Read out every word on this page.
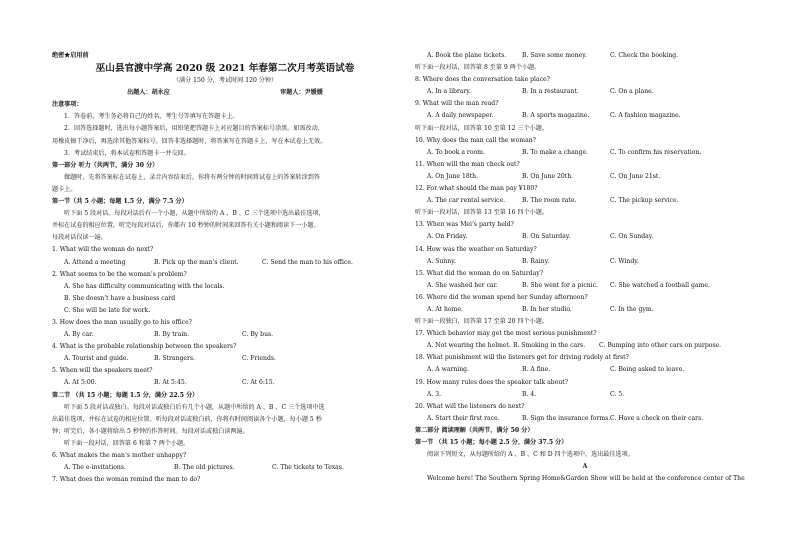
绝密★启用前
巫山县官渡中学高 2020 级 2021 年春第二次月考英语试卷
（满分 150 分，考试时间 120 分钟）
出题人：胡永应	审题人：尹媛媛
注意事项：
1．答卷前，考生务必将自己的姓名、考生号等填写在答题卡上。
2．回答选择题时，选出每小题答案后，用铅笔把答题卡上对应题目的答案标号涂黑。如需改动，
用橡皮擦干净后，再选涂其他答案标号。回答非选择题时，将答案写在答题卡上，写在本试卷上无效。
3．考试结束后，将本试卷和答题卡一并交回。
第一部分 听力（共两节，满分 30 分）
做题时，先将答案标在试卷上，录音内容结束后，你将有两分钟的时间将试卷上的答案转涂到答
题卡上。
第一节（共 5 小题；每题 1.5 分，满分 7.5 分）
听下面 5 段对话。每段对话后有一个小题，从题中所给的 A 、B 、C 三个选项中选出最佳选项，
并标在试卷的相应位置。听完每段对话后，你都有 10 秒钟的时间来回答有关小题和阅读下一小题。
每段对话仅读一遍。
1. What will the woman do next?
A. Attend a meeting	B. Pick up the man’s client.	C. Send the man to his office.
2. What seems to be the woman’s problem?
A. She has difficulty communicating with the locals.
B. She doesn’t have a business card
C. She will be late for work.
3. How does the man usually go to his office?
A. By car.	B. By train.	C. By bus.
4. What is the probable relationship between the speakers?
A. Tourist and guide.	B. Strangers.	C. Friends.
5. When will the speakers meet?
A. At 5:00.	B. At 5:45.	C. At 6:15.
第二节 （共 15 小题；每题 1.5 分，满分 22.5 分）
听下面 5 段对话或独白。每段对话或独白后有几个小题，从题中所给的 A 、B 、C 三个选项中选
出最佳选项，并标在试卷的相应位置。听每段对话或独白前，你将有时间阅读各个小题，每小题 5 秒
钟；听完后，各小题将给出 5 秒钟的作答时间。每段对话或独白读两遍。
听下面一段对话，回答第 6 和第 7 两个小题。
6. What makes the man’s mother unhappy?
A. The e-invitations.	B. The old pictures.	C. The tickets to Texas.
7. What does the woman remind the man to do?
A. Book the plane tickets.	B. Save some money.	C. Check the booking.
听下面一段对话，回答第 8 至第 9 两个小题。
8. Where does the conversation take place?
A. In a library.	B. In a restaurant.	C. On a plane.
9. What will the man read?
A. A daily newspaper.	B. A sports magazine.	C. A fashion magazine.
听下面一段对话，回答第 10 至第 12 三个小题。
10. Why does the man call the woman?
A. To book a room.	B. To make a change.	C. To confirm his reservation.
11. When will the man check out?
A. On June 18th.	B. On June 20th.	C. On June 21st.
12. For what should the man pay ¥180?
A. The car rental service.	B. The room rate.	C. The pickup service.
听下面一段对话，回答第 13 至第 16 四个小题。
13. When was Mei’s party held?
A. On Friday.	B. On Saturday.	C. On Sunday.
14. How was the weather on Saturday?
A. Sunny.	B. Rainy.	C. Windy.
15. What did the woman do on Saturday?
A. She washed her car.	B. She went for a picnic.	C. She watched a football game.
16. Where did the woman spend her Sunday afternoon?
A. At home.	B. In her studio.	C. In the gym.
听下面一段独白，回答第 17 至第 20 四个小题。
17. Which behavior may get the most serious punishment?
A. Not wearing the helmet. B. Smoking in the cars.	C. Bumping into other cars on purpose.
18. What punishment will the listeners get for driving rudely at first?
A. A warning.	B. A fine.	C. Being asked to leave.
19. How many rules does the speaker talk about?
A. 3.	B. 4.	C. 5.
20. What will the listeners do next?
A. Start their first race.	B. Sign the insurance forms. C. Have a check on their cars.
第二部分 阅读理解（共两节，满分 50 分）
第一节 （共 15 小题；每小题 2.5 分，满分 37.5 分）
阅读下列短文，从每题所给的 A 、B 、C 和 D 四个选项中，选出最佳选项。
A
Welcome here! The Southern Spring Home&Garden Show will be held at the conference center of The
